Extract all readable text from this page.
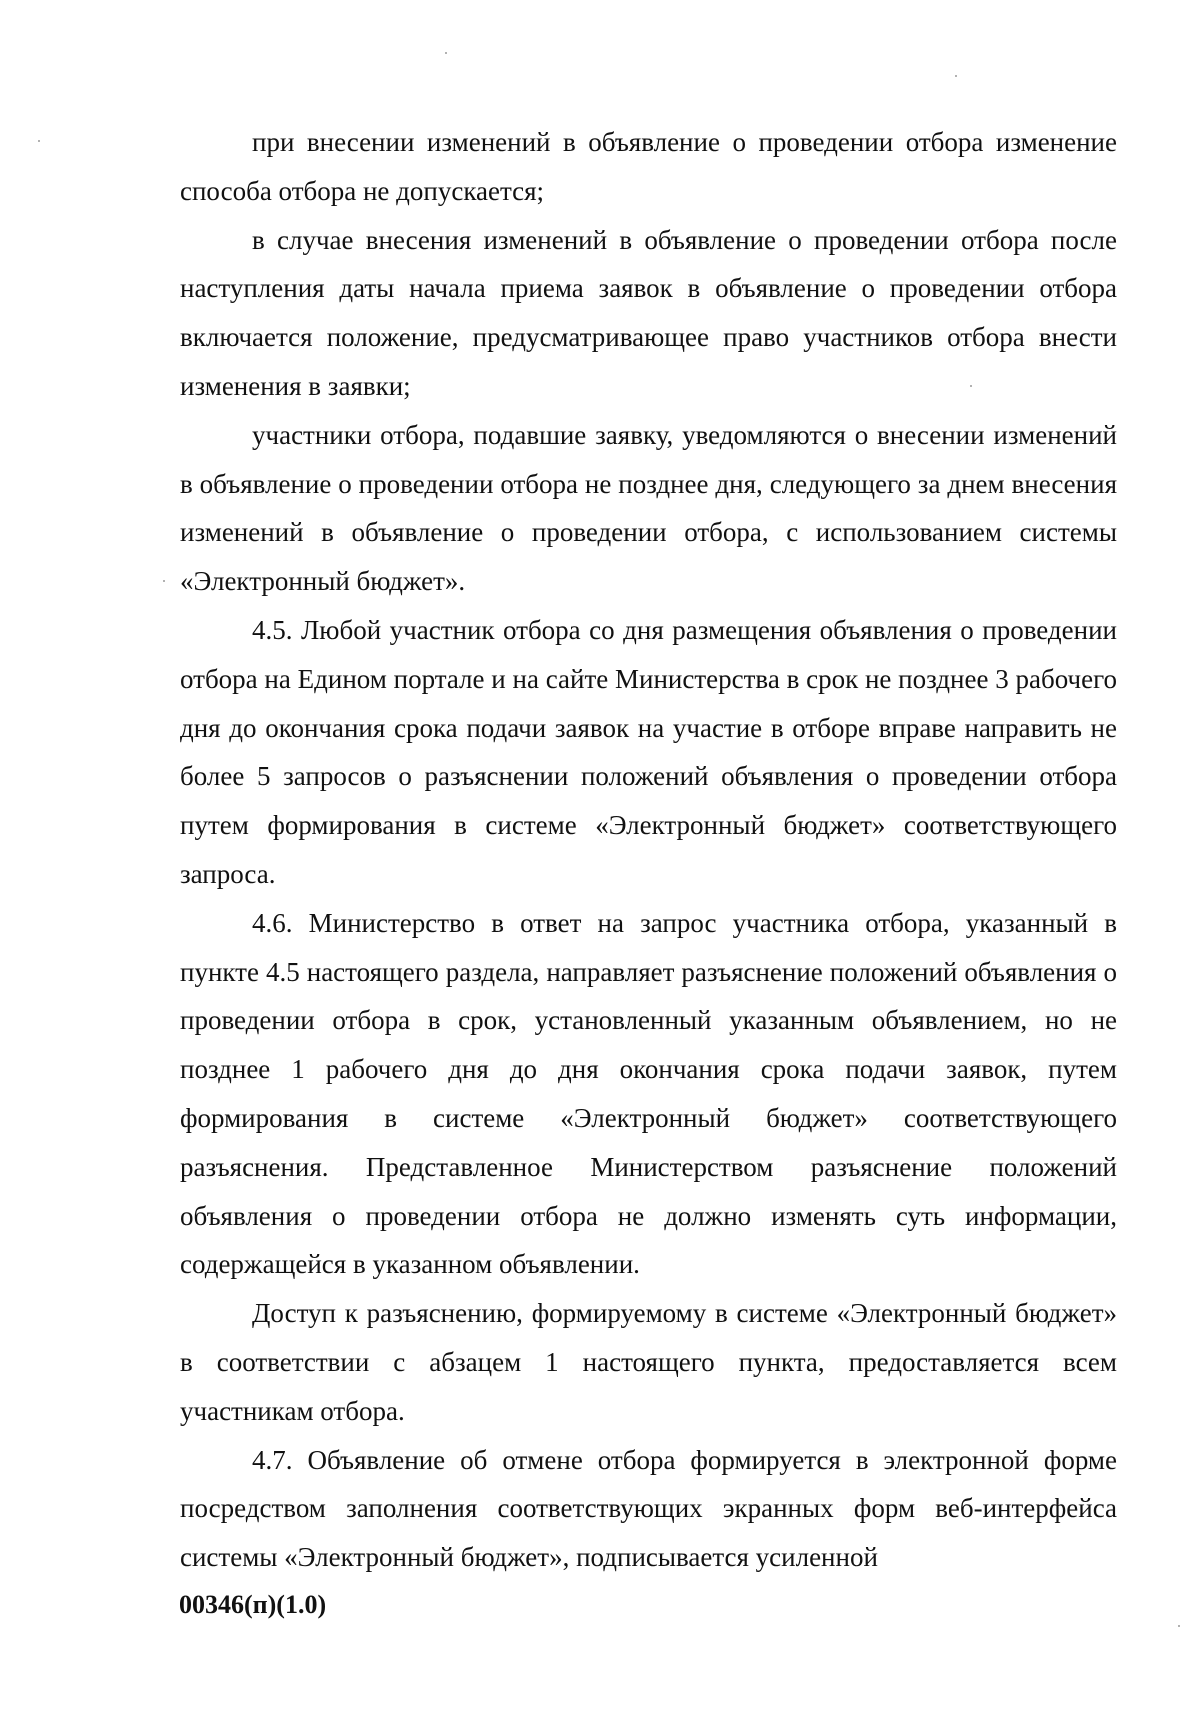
при внесении изменений в объявление о проведении отбора изменение способа отбора не допускается;

в случае внесения изменений в объявление о проведении отбора после наступления даты начала приема заявок в объявление о проведении отбора включается положение, предусматривающее право участников отбора внести изменения в заявки;

участники отбора, подавшие заявку, уведомляются о внесении изменений в объявление о проведении отбора не позднее дня, следующего за днем внесения изменений в объявление о проведении отбора, с использованием системы «Электронный бюджет».

4.5. Любой участник отбора со дня размещения объявления о проведении отбора на Едином портале и на сайте Министерства в срок не позднее 3 рабочего дня до окончания срока подачи заявок на участие в отборе вправе направить не более 5 запросов о разъяснении положений объявления о проведении отбора путем формирования в системе «Электронный бюджет» соответствующего запроса.

4.6. Министерство в ответ на запрос участника отбора, указанный в пункте 4.5 настоящего раздела, направляет разъяснение положений объявления о проведении отбора в срок, установленный указанным объявлением, но не позднее 1 рабочего дня до дня окончания срока подачи заявок, путем формирования в системе «Электронный бюджет» соответствующего разъяснения. Представленное Министерством разъяснение положений объявления о проведении отбора не должно изменять суть информации, содержащейся в указанном объявлении.

Доступ к разъяснению, формируемому в системе «Электронный бюджет» в соответствии с абзацем 1 настоящего пункта, предоставляется всем участникам отбора.

4.7. Объявление об отмене отбора формируется в электронной форме посредством заполнения соответствующих экранных форм веб-интерфейса системы «Электронный бюджет», подписывается усиленной

00346(п)(1.0)
